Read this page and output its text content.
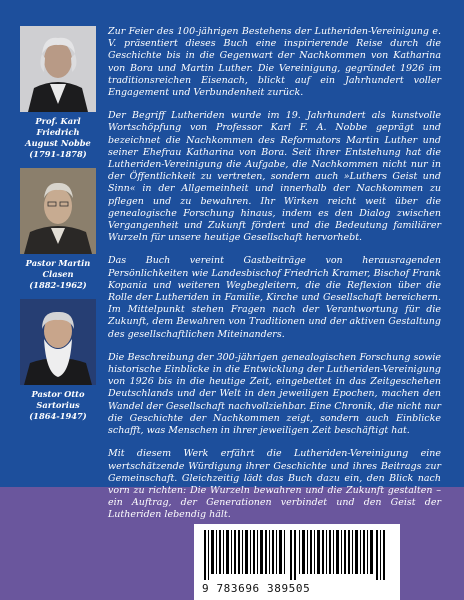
Prof. Karl Friedrich
August Nobbe
(1791-1878)
Pastor Martin Clasen
(1882-1962)
Pastor Otto Sartorius
(1864-1947)

Zur Feier des 100-jährigen Bestehens der Lutheriden-Vereinigung e. V. präsentiert dieses Buch eine inspirierende Reise durch die Geschichte bis in die Gegenwart der Nachkommen von Katharina von Bora und Martin Luther. Die Vereinigung, gegründet 1926 im traditionsreichen Eisenach, blickt auf ein Jahrhundert voller Engagement und Verbundenheit zurück.

Der Begriff Lutheriden wurde im 19. Jahrhundert als kunstvolle Wortschöpfung von Professor Karl F. A. Nobbe geprägt und bezeichnet die Nachkommen des Reformators Martin Luther und seiner Ehefrau Katharina von Bora. Seit ihrer Entstehung hat die Lutheriden-Vereinigung die Aufgabe, die Nachkommen nicht nur in der Öffentlichkeit zu vertreten, sondern auch »Luthers Geist und Sinn« in der Allgemeinheit und innerhalb der Nachkommen zu pflegen und zu bewahren. Ihr Wirken reicht weit über die genealogische Forschung hinaus, indem es den Dialog zwischen Vergangenheit und Zukunft fördert und die Bedeutung familiärer Wurzeln für unsere heutige Gesellschaft hervorhebt.

Das Buch vereint Gastbeiträge von herausragenden Persönlichkeiten wie Landesbischof Friedrich Kramer, Bischof Frank Kopania und weiteren Wegbegleitern, die die Reflexion über die Rolle der Lutheriden in Familie, Kirche und Gesellschaft bereichern. Im Mittelpunkt stehen Fragen nach der Verantwortung für die Zukunft, dem Bewahren von Traditionen und der aktiven Gestaltung des gesellschaftlichen Miteinanders.

Die Beschreibung der 300-jährigen genealogischen Forschung sowie historische Einblicke in die Entwicklung der Lutheriden-Vereinigung von 1926 bis in die heutige Zeit, eingebettet in das Zeitgeschehen Deutschlands und der Welt in den jeweiligen Epochen, machen den Wandel der Gesellschaft nachvollziehbar. Eine Chronik, die nicht nur die Geschichte der Nachkommen zeigt, sondern auch Einblicke schafft, was Menschen in ihrer jeweiligen Zeit beschäftigt hat.

Mit diesem Werk erfährt die Lutheriden-Vereinigung eine wertschätzende Würdigung ihrer Geschichte und ihres Beitrags zur Gemeinschaft. Gleichzeitig lädt das Buch dazu ein, den Blick nach vorn zu richten: Die Wurzeln bewahren und die Zukunft gestalten – ein Auftrag, der Generationen verbindet und den Geist der Lutheriden lebendig hält.

9 783696 389505
